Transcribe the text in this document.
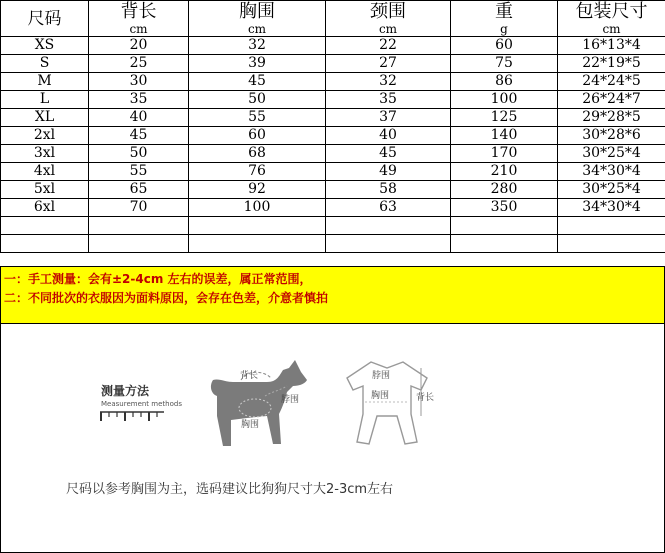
尺码	背长	胸围	颈围	重	包装尺寸
	cm	cm	cm	g	cm
XS	20	32	22	60	16*13*4
S	25	39	27	75	22*19*5
M	30	45	32	86	24*24*5
L	35	50	35	100	26*24*7
XL	40	55	37	125	29*28*5
2xl	45	60	40	140	30*28*6
3xl	50	68	45	170	30*25*4
4xl	55	76	49	210	34*30*4
5xl	65	92	58	280	30*25*4
6xl	70	100	63	350	34*30*4

一：手工测量：会有±2-4cm 左右的误差，属正常范围，
二：不同批次的衣服因为面料原因，会存在色差，介意者慎拍
测量方法
Measurement methods
背长
脖围
胸围
脖围
胸围	背长
尺码以参考胸围为主，选码建议比狗狗尺寸大2-3cm左右
